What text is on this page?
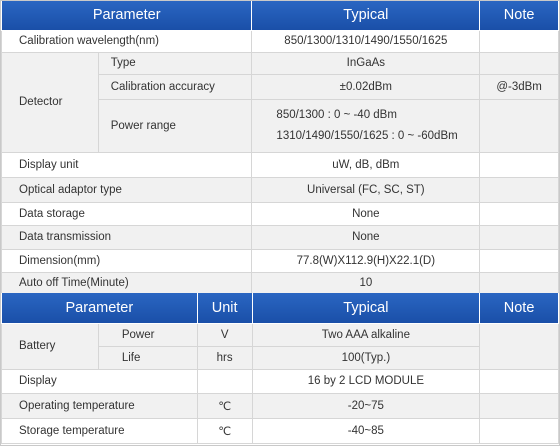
Parameter		Typical	Note
Calibration wavelength(nm)		850/1300/1310/1490/1550/1625	
Detector	Type	InGaAs	
	Calibration accuracy	±0.02dBm	@-3dBm
	Power range	850/1300 : 0 ~ -40 dBm
1310/1490/1550/1625 : 0 ~ -60dBm	

Display unit		uW, dB, dBm	
Optical adaptor type		Universal (FC, SC, ST)	
Data storage		None	
Data transmission		None	
Dimension(mm)		77.8(W)X112.9(H)X22.1(D)	
Auto off Time(Minute)		10	
Parameter		Unit	Typical	Note
Battery	Power	V	Two AAA alkaline	
	Life	hrs	100(Typ.)	
Display			16 by 2 LCD MODULE	
Operating temperature		℃	-20~75	
Storage temperature		℃	-40~85	
